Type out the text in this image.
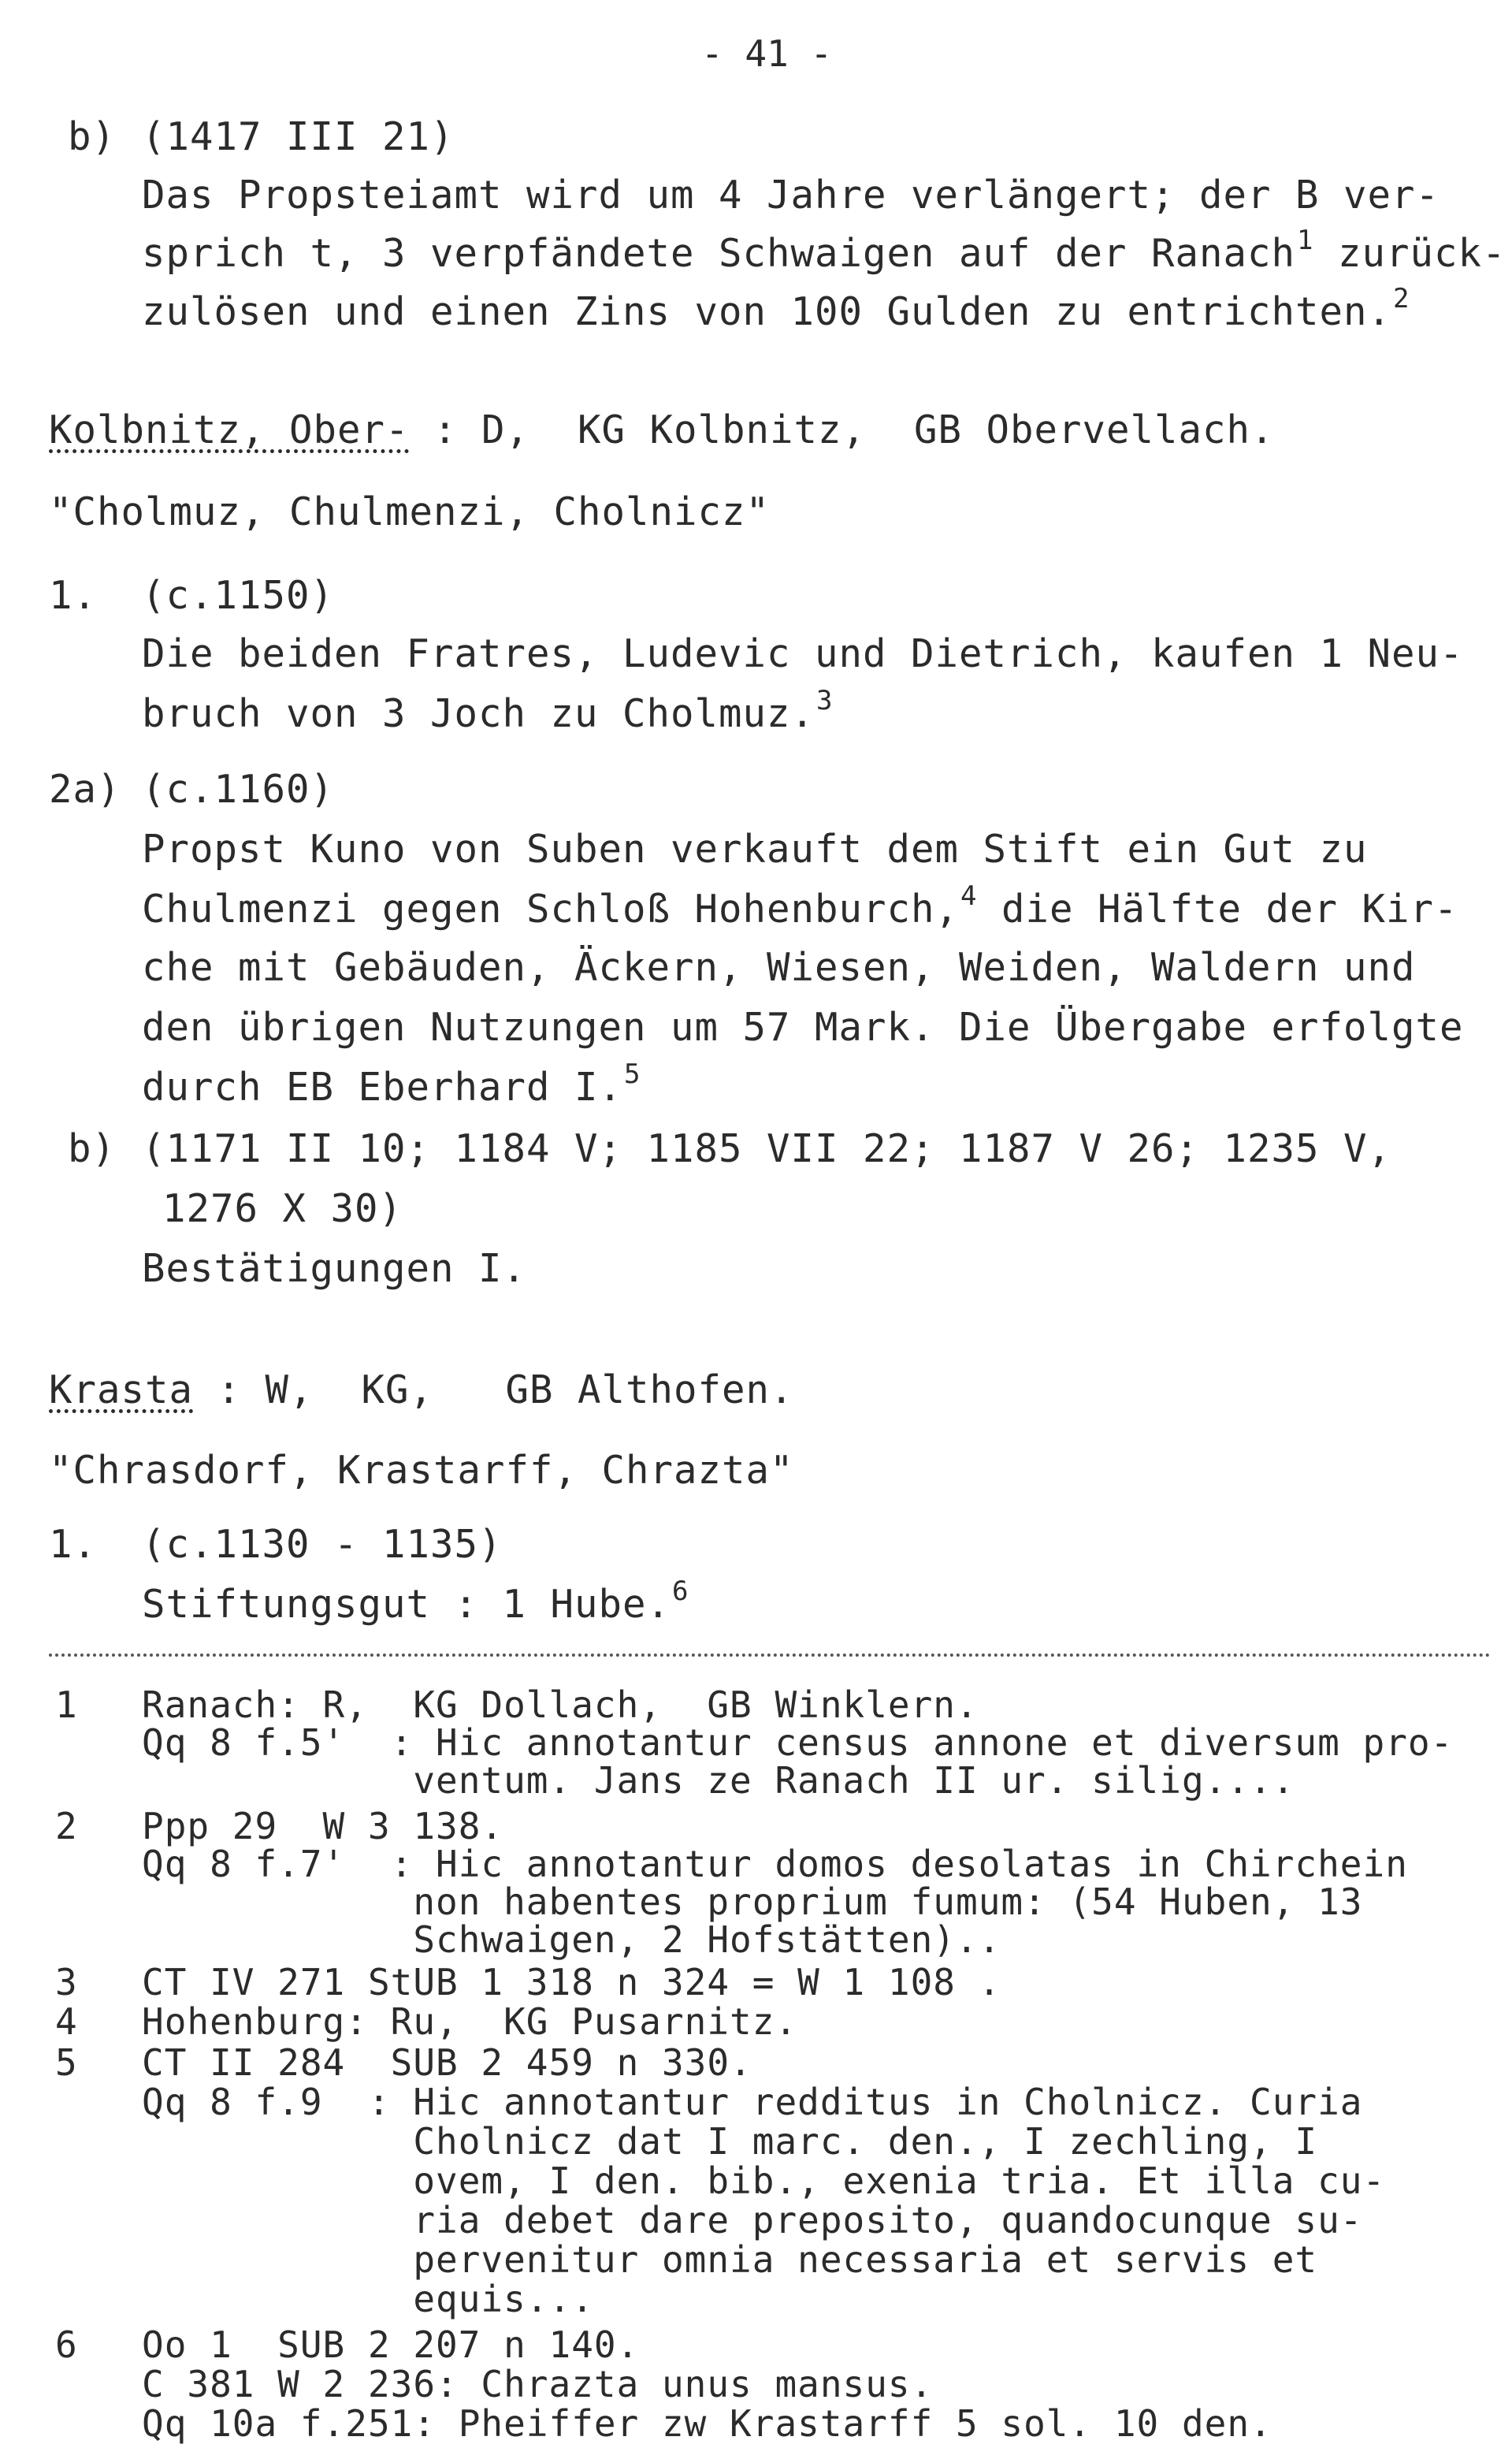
- 41 -
b) (1417 III 21)
Das Propsteiamt wird um 4 Jahre verlängert; der B ver-
sprich t, 3 verpfändete Schwaigen auf der Ranach$^1$ zurück-
zulösen und einen Zins von 100 Gulden zu entrichten.$^2$
Kolbnitz, Ober- : D,  KG Kolbnitz,  GB Obervellach.
"Cholmuz, Chulmenzi, Cholnicz"
1. (c.1150)
Die beiden Fratres, Ludevic und Dietrich, kaufen 1 Neu-
bruch von 3 Joch zu Cholmuz.$^3$
2a) (c.1160)
Propst Kuno von Suben verkauft dem Stift ein Gut zu
Chulmenzi gegen Schloß Hohenburch,$^4$ die Hälfte der Kir-
che mit Gebäuden, Äckern, Wiesen, Weiden, Waldern und
den übrigen Nutzungen um 57 Mark. Die Übergabe erfolgte
durch EB Eberhard I.$^5$
b) (1171 II 10; 1184 V; 1185 VII 22; 1187 V 26; 1235 V,
1276 X 30)
Bestätigungen I.
Krasta : W,  KG,   GB Althofen.
"Chrasdorf, Krastarff, Chrazta"
1. (c.1130 - 1135)
Stiftungsgut : 1 Hube.$^6$
1 Ranach: R,  KG Dollach,  GB Winklern.
Qq 8 f.5'  : Hic annotantur census annone et diversum pro-
ventum. Jans ze Ranach II ur. silig....
2 Ppp 29  W 3 138.
Qq 8 f.7'  : Hic annotantur domos desolatas in Chirchein
non habentes proprium fumum: (54 Huben, 13
Schwaigen, 2 Hofstätten)..
3 CT IV 271 StUB 1 318 n 324 = W 1 108 .
4 Hohenburg: Ru,  KG Pusarnitz.
5 CT II 284  SUB 2 459 n 330.
Qq 8 f.9  : Hic annotantur redditus in Cholnicz. Curia
Cholnicz dat I marc. den., I zechling, I
ovem, I den. bib., exenia tria. Et illa cu-
ria debet dare preposito, quandocunque su-
pervenitur omnia necessaria et servis et
equis...
6 Oo 1  SUB 2 207 n 140.
C 381 W 2 236: Chrazta unus mansus.
Qq 10a f.251: Pheiffer zw Krastarff 5 sol. 10 den.
